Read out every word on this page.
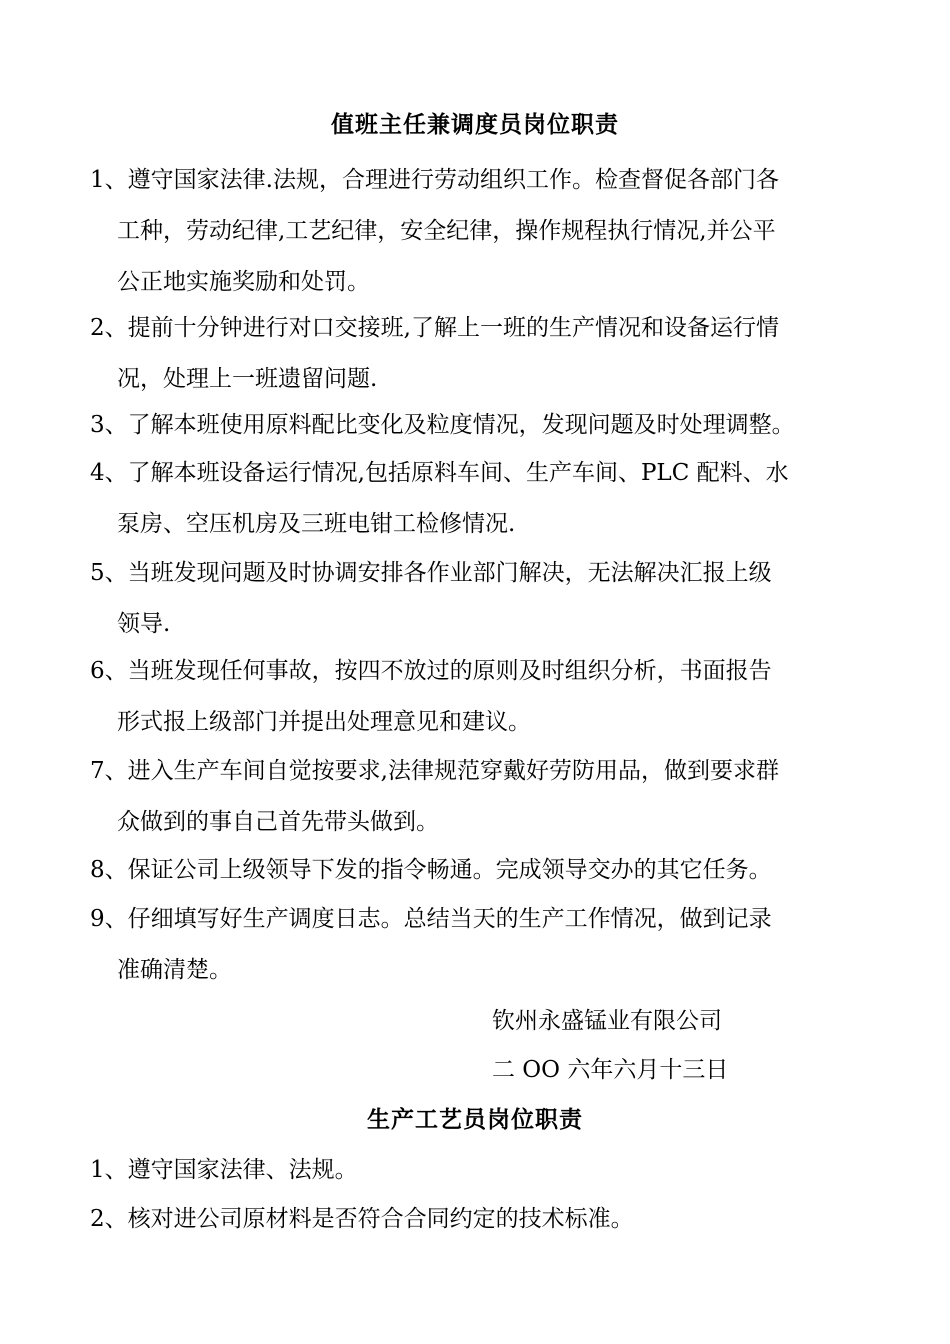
值班主任兼调度员岗位职责
1、遵守国家法律.法规，合理进行劳动组织工作。检查督促各部门各
工种，劳动纪律,工艺纪律，安全纪律，操作规程执行情况,并公平
公正地实施奖励和处罚。
2、提前十分钟进行对口交接班,了解上一班的生产情况和设备运行情
况，处理上一班遗留问题.
3、了解本班使用原料配比变化及粒度情况，发现问题及时处理调整。
4、了解本班设备运行情况,包括原料车间、生产车间、PLC 配料、水
泵房、空压机房及三班电钳工检修情况.
5、当班发现问题及时协调安排各作业部门解决，无法解决汇报上级
领导.
6、当班发现任何事故，按四不放过的原则及时组织分析，书面报告
形式报上级部门并提出处理意见和建议。
7、进入生产车间自觉按要求,法律规范穿戴好劳防用品，做到要求群
众做到的事自己首先带头做到。
8、保证公司上级领导下发的指令畅通。完成领导交办的其它任务。
9、仔细填写好生产调度日志。总结当天的生产工作情况，做到记录
准确清楚。
钦州永盛锰业有限公司
二 OO 六年六月十三日
生产工艺员岗位职责
1、遵守国家法律、法规。
2、核对进公司原材料是否符合合同约定的技术标准。
